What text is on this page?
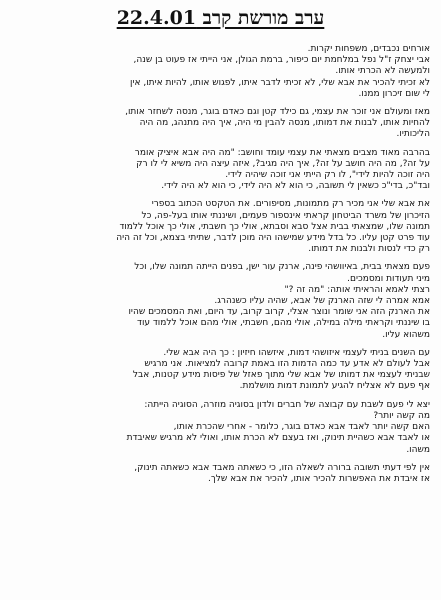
ערב מורשת קרב 22.4.01
אורחים נכבדים, משפחות יקרות.
אבי יצחק ז"ל נפל במלחמת יום כיפור, ברמת הגולן, אני הייתי אז פעוט בן שנה,
ולמעשה לא הכרתי אותו.
לא זכיתי להכיר את אבא שלי, לא זכיתי לדבר איתו, לפגוש אותו, להיות איתו, אין
לי שום זיכרון ממנו.
מאז ומעולם אני זוכר את עצמי, גם כילד קטן וגם כאדם בוגר, מנסה לשחזר אותו,
להחיות אותו, לבנות את דמותו, מנסה להבין מי היה, איך היה מתנהג, מה היה
הליכותיו.
בהרבה מאוד מצבים מצאתי את עצמי עומד וחושב: "מה היה אבא איציק אומר
על זה?, מה היה חושב על זה?, איך היה מגיב?, איזה עיצה היה משיא לי לו רק
היה זוכה להיות לידי", לו רק הייתי אני זוכה שיהיה לידי.
ובד"כ, בדי"כ כשאין לי תשובה, כי הוא לא היה לידי, כי הוא לא היה לידי.
את אבא שלי אני מכיר רק מתמונות, מסיפורים. את הטקסט הכתוב בספרי
הזיכרון של משרד הביטחון קראתי אינספור פעמים, ושיננתי אותו בעל-פה, כל
תמונה שלו, שמצאתי בבית אצל סבא וסבתא, אולי כך חשבתי, אולי כך אוכל ללמוד
עוד פרט קטן עליו. כל בדל מידע שמישהו היה מוכן לדבר, שתיתי בצמא, וכל זה היה
רק כדי לנסות ולבנות את דמותו.
פעם מצאתי בבית, באיוושהי פינה, ארנק עור ישן, בפנים הייתה תמונה שלו, וכל
מיני תעודות ומסמכים.
רצתי לאמא והראיתי אותה: "מה זה ?"
אמא אמרה לי שזה הארנק של אבא, שהיה עליו כשנהרג.
את הארנק הזה אני שומר ונוצר אצלי, קרוב קרוב, עד היום, ואת המסמכים שהיו
בו שיננתי וקראתי מילה במילה, אולי מהם, חשבתי, אולי מהם אוכל ללמוד עוד
משהוא עליו.
עם השנים בניתי לעצמי איזושהי דמות, איזשהו חיזיון : כך היה אבא שלי.
אבל לעולם לא אדע עד כמה הדמות הזו באמת קרובה למציאות. אני מרגיש
שבניתי לעצמי את דמותו של אבא שלי מתוך פאזל של פיסות מידע קטנות, אבל
אף פעם לא אצליח להגיע לתמונת דמות מושלמת.
יצא לי פעם לשבת עם קבוצה של חברים ולדון בסוגיה מוזרה, הסוגיה הייתה:
מה קשה יותר?
האם קשה יותר לאבד אבא כאדם בוגר, כלומר - אחרי שהכרת אותו,
או לאבד אבא כשהיית תינוק, ואז בעצם לא הכרת אותו, ואולי לא מרגיש שאיבדת
משהו.
אין לפי דעתי תשובה ברורה לשאלה הזו, כי כשאתה מאבד אבא כשאתה תינוק,
אז איבדת את האפשרות להכיר אותו, להכיר את אבא שלך.
